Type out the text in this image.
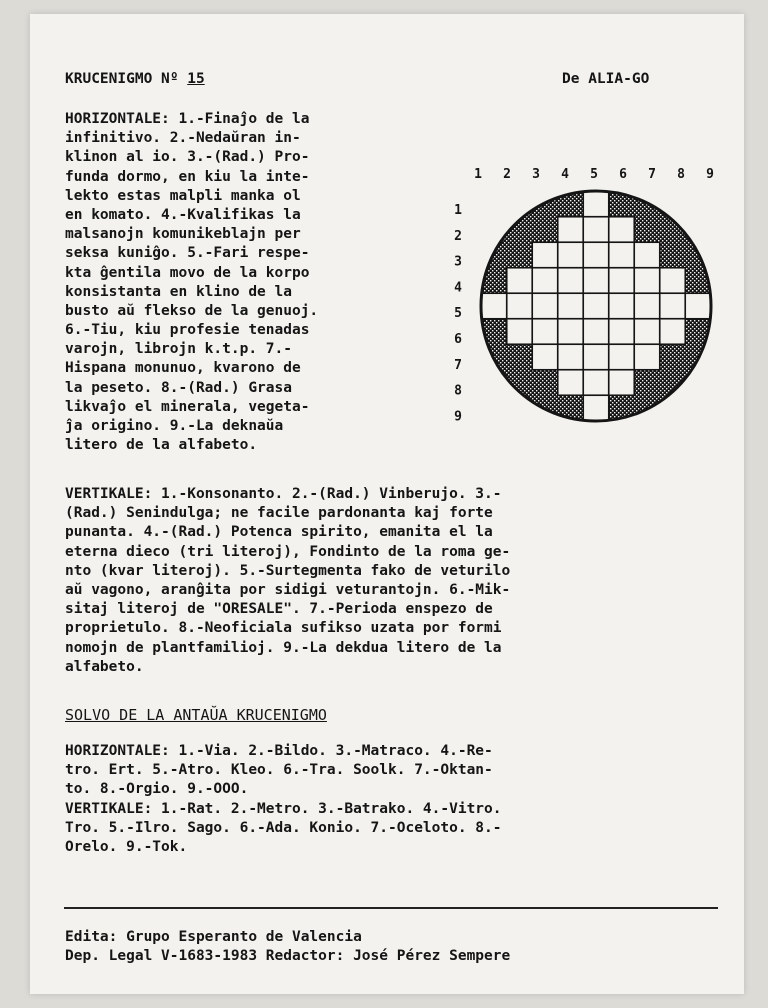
KRUCENIGMO Nº 15	De ALIA-GO
HORIZONTALE: 1.-Finaĵo de la
infinitivo. 2.-Nedaŭran in-
klinon al io. 3.-(Rad.) Pro-
funda dormo, en kiu la inte-
lekto estas malpli manka ol
en komato. 4.-Kvalifikas la
malsanojn komunikeblajn per
seksa kuniĝo. 5.-Fari respe-
kta ĝentila movo de la korpo
konsistanta en klino de la
busto aŭ flekso de la genuoj.
6.-Tiu, kiu profesie tenadas
varojn, librojn k.t.p. 7.-
Hispana monunuo, kvarono de
la peseto. 8.-(Rad.) Grasa
likvaĵo el minerala, vegeta-
ĵa origino. 9.-La deknaŭa
litero de la alfabeto.
1 2 3 4 5 6 7 8 9
1
2
3
4
5
6
7
8
9
VERTIKALE: 1.-Konsonanto. 2.-(Rad.) Vinberujo. 3.-
(Rad.) Senindulga; ne facile pardonanta kaj forte
punanta. 4.-(Rad.) Potenca spirito, emanita el la
eterna dieco (tri literoj), Fondinto de la roma ge-
nto (kvar literoj). 5.-Surtegmenta fako de veturilo
aŭ vagono, aranĝita por sidigi veturantojn. 6.-Mik-
sitaj literoj de "ORESALE". 7.-Perioda enspezo de
proprietulo. 8.-Neoficiala sufikso uzata por formi
nomojn de plantfamilioj. 9.-La dekdua litero de la
alfabeto.
SOLVO DE LA ANTAŬA KRUCENIGMO
HORIZONTALE: 1.-Via. 2.-Bildo. 3.-Matraco. 4.-Re-
tro. Ert. 5.-Atro. Kleo. 6.-Tra. Soolk. 7.-Oktan-
to. 8.-Orgio. 9.-OOO.
VERTIKALE: 1.-Rat. 2.-Metro. 3.-Batrako. 4.-Vitro.
Tro. 5.-Ilro. Sago. 6.-Ada. Konio. 7.-Oceloto. 8.-
Orelo. 9.-Tok.
Edita: Grupo Esperanto de Valencia
Dep. Legal V-1683-1983 Redactor: José Pérez Sempere
